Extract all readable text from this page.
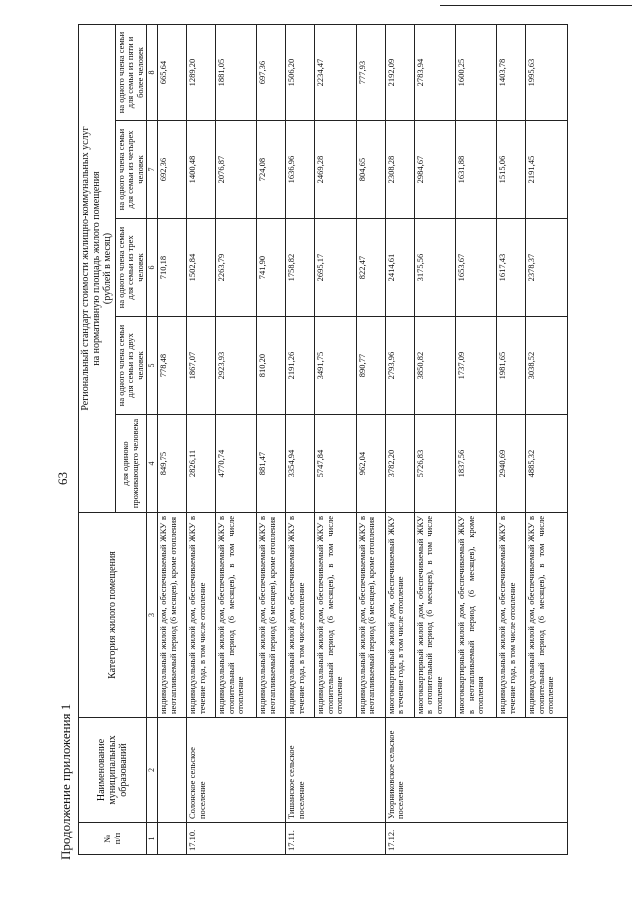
Продолжение приложения 1
63
№
п/п	Наименование
муниципальных образований	Категория жилого помещения	Региональный стандарт стоимости жилищно-коммунальных услуг
на нормативную площадь жилого помещения
(рублей в месяц)				
			для одиноко проживающего человека	на одного члена семьи для семьи из двух человек	на одного члена семьи для семьи из трех человек	на одного члена семьи для семьи из четырех человек	на одного члена семьи для семьи из пяти и более человек
1	2	3	4	5	6	7	8
		индивидуальный жилой дом, обеспечиваемый ЖКУ в неотапливаемый период (6 месяцев), кроме отопления	849,75	778,48	710,18	692,36	665,64
17.10.	Солонское сельское поселение	индивидуальный жилой дом, обеспечиваемый ЖКУ в течение года, в том числе отопление	2826,11	1867,07	1502,84	1400,48	1289,20
		индивидуальный жилой дом, обеспечиваемый ЖКУ в отопительный период (6 месяцев), в том числе отопление	4770,74	2923,93	2263,79	2076,87	1881,05
		индивидуальный жилой дом, обеспечиваемый ЖКУ в неотапливаемый период (6 месяцев), кроме отопления	881,47	810,20	741,90	724,08	697,36
17.11.	Тишанское сельское поселение	индивидуальный жилой дом, обеспечиваемый ЖКУ в течение года, в том числе отопление	3354,94	2191,26	1758,82	1636,96	1506,20
		индивидуальный жилой дом, обеспечиваемый ЖКУ в отопительный период (6 месяцев), в том числе отопление	5747,84	3491,75	2695,17	2469,28	2234,47
		индивидуальный жилой дом, обеспечиваемый ЖКУ в неотапливаемый период (6 месяцев), кроме отопления	962,04	890,77	822,47	804,65	777,93
17.12.	Упорниковское сельское поселение	многоквартирный жилой дом, обеспечиваемый ЖКУ в течение года, в том числе отопление	3782,20	2793,96	2414,61	2308,28	2192,09
		многоквартирный жилой дом, обеспечиваемый ЖКУ в отопительный период (6 месяцев), в том числе отопление	5726,83	3850,82	3175,56	2984,67	2783,94
		многоквартирный жилой дом, обеспечиваемый ЖКУ в неотапливаемый период (6 месяцев), кроме отопления	1837,56	1737,09	1653,67	1631,88	1600,25
		индивидуальный жилой дом, обеспечиваемый ЖКУ в течение года, в том числе отопление	2940,69	1981,65	1617,43	1515,06	1403,78
		индивидуальный жилой дом, обеспечиваемый ЖКУ в отопительный период (6 месяцев), в том числе отопление	4885,32	3038,52	2378,37	2191,45	1995,63
